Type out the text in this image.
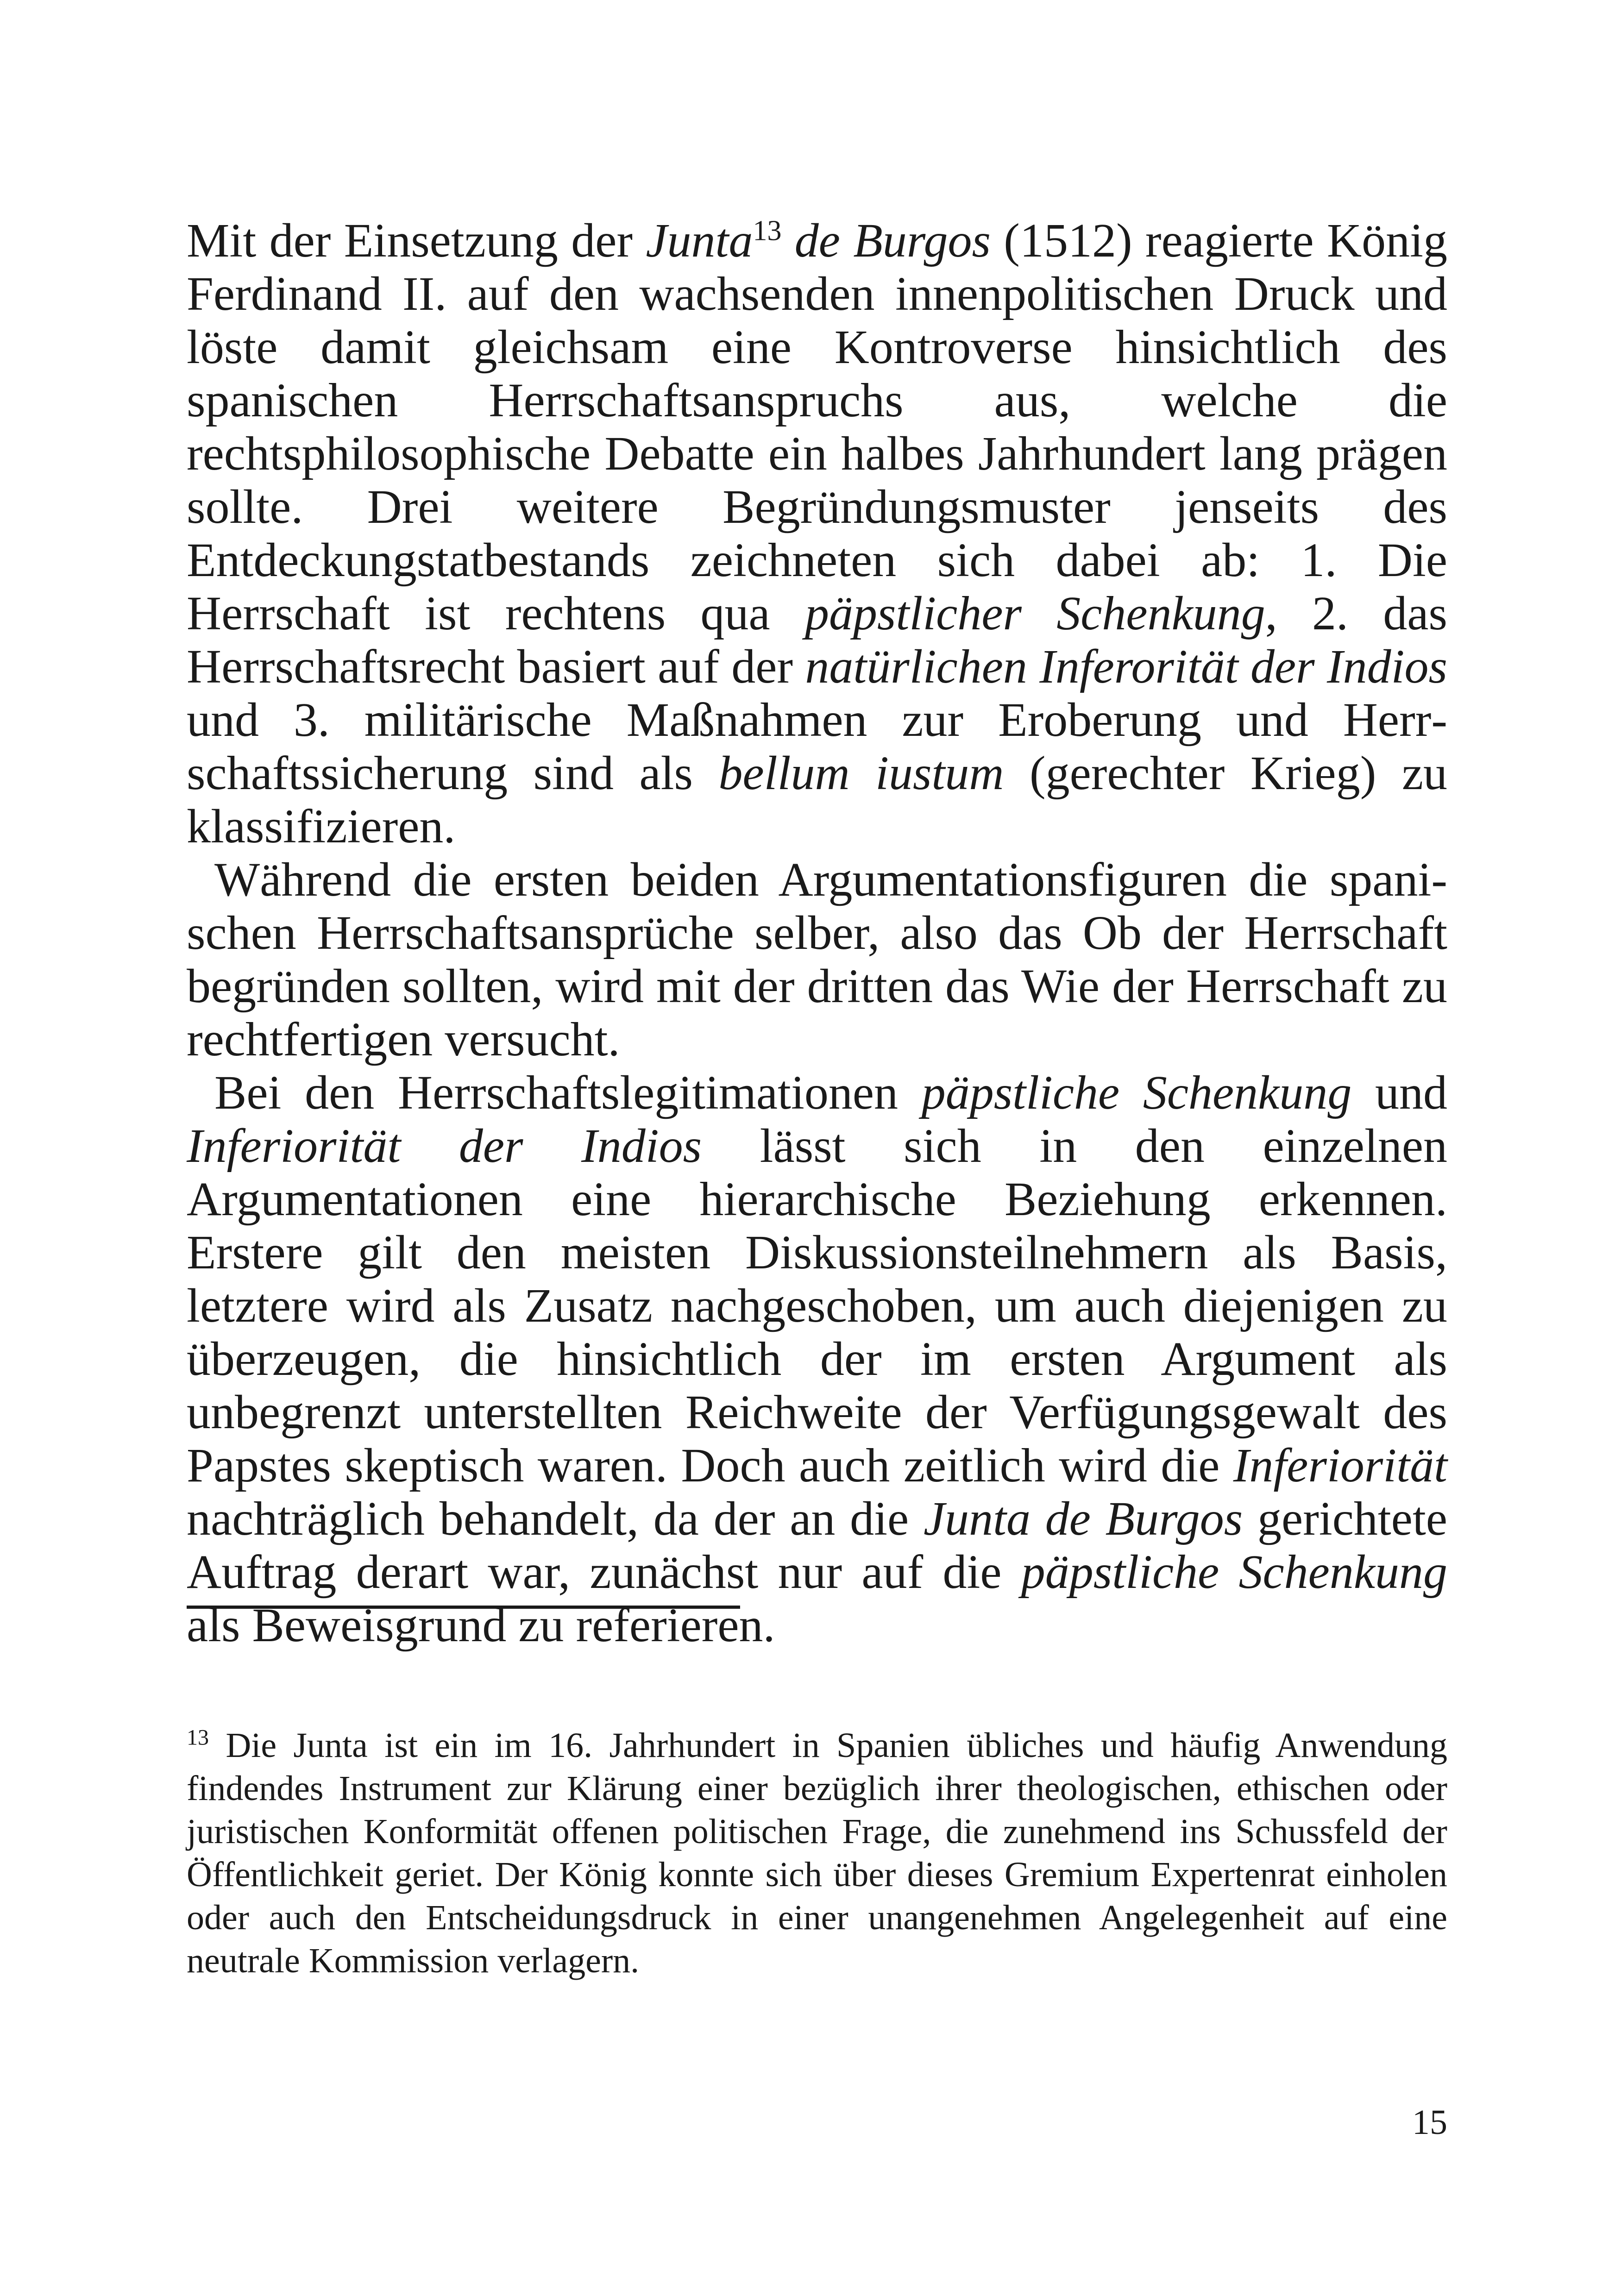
Mit der Einsetzung der Junta$^{13}$ de Burgos (1512) reagierte König Ferdinand II. auf den wachsenden innenpolitischen Druck und löste damit gleichsam eine Kontroverse hinsichtlich des spanischen Herrschaftsanspruchs aus, welche die rechtsphilosophische Debatte ein halbes Jahrhundert lang prägen sollte. Drei weitere Begründungsmuster jenseits des Entdeckungstatbestands zeichneten sich dabei ab: 1. Die Herrschaft ist rechtens qua päpstlicher Schenkung, 2. das Herrschaftsrecht basiert auf der natürlichen Inferorität der Indios und 3. militärische Maßnahmen zur Eroberung und Herrschaftssicherung sind als bellum iustum (gerechter Krieg) zu klassifizieren.

Während die ersten beiden Argumentationsfiguren die spanischen Herrschaftsansprüche selber, also das Ob der Herrschaft begründen sollten, wird mit der dritten das Wie der Herrschaft zu rechtfertigen versucht.

Bei den Herrschaftslegitimationen päpstliche Schenkung und Inferiorität der Indios lässt sich in den einzelnen Argumentationen eine hierarchische Beziehung erkennen. Erstere gilt den meisten Diskussionsteilnehmern als Basis, letztere wird als Zusatz nachgeschoben, um auch diejenigen zu überzeugen, die hinsichtlich der im ersten Argument als unbegrenzt unterstellten Reichweite der Verfügungsgewalt des Papstes skeptisch waren. Doch auch zeitlich wird die Inferiorität nachträglich behandelt, da der an die Junta de Burgos gerichtete Auftrag derart war, zunächst nur auf die päpstliche Schenkung als Beweisgrund zu referieren.

$^{13}$ Die Junta ist ein im 16. Jahrhundert in Spanien übliches und häufig Anwendung findendes Instrument zur Klärung einer bezüglich ihrer theologischen, ethischen oder juristischen Konformität offenen politischen Frage, die zunehmend ins Schussfeld der Öffentlichkeit geriet. Der König konnte sich über dieses Gremium Expertenrat einholen oder auch den Entscheidungsdruck in einer unangenehmen Angelegenheit auf eine neutrale Kommission verlagern.
15
